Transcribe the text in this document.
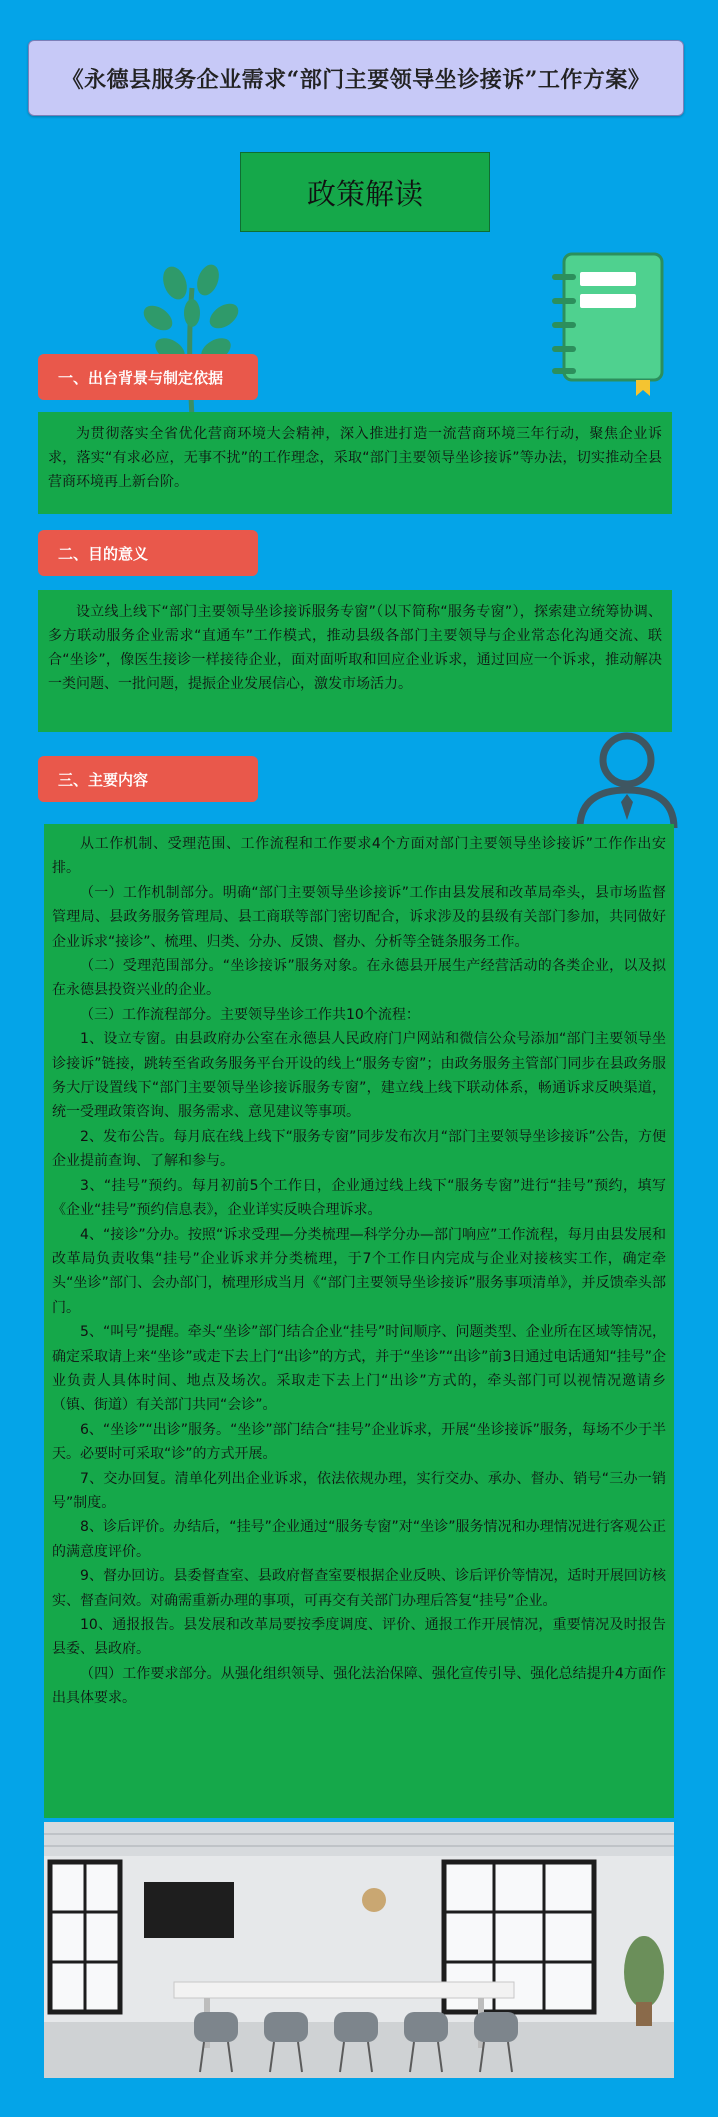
《永德县服务企业需求“部门主要领导坐诊接诉”工作方案》
政策解读
一、出台背景与制定依据

为贯彻落实全省优化营商环境大会精神，深入推进打造一流营商环境三年行动，聚焦企业诉求，落实“有求必应，无事不扰”的工作理念，采取“部门主要领导坐诊接诉”等办法，切实推动全县营商环境再上新台阶。

二、目的意义

设立线上线下“部门主要领导坐诊接诉服务专窗”（以下简称“服务专窗”），探索建立统筹协调、多方联动服务企业需求“直通车”工作模式，推动县级各部门主要领导与企业常态化沟通交流、联合“坐诊”，像医生接诊一样接待企业，面对面听取和回应企业诉求，通过回应一个诉求，推动解决一类问题、一批问题，提振企业发展信心，激发市场活力。

三、主要内容

从工作机制、受理范围、工作流程和工作要求4个方面对部门主要领导坐诊接诉”工作作出安排。

（一）工作机制部分。明确“部门主要领导坐诊接诉”工作由县发展和改革局牵头，县市场监督管理局、县政务服务管理局、县工商联等部门密切配合，诉求涉及的县级有关部门参加，共同做好企业诉求“接诊”、梳理、归类、分办、反馈、督办、分析等全链条服务工作。

（二）受理范围部分。“坐诊接诉”服务对象。在永德县开展生产经营活动的各类企业，以及拟在永德县投资兴业的企业。

（三）工作流程部分。主要领导坐诊工作共10个流程：

1、设立专窗。由县政府办公室在永德县人民政府门户网站和微信公众号添加“部门主要领导坐诊接诉”链接，跳转至省政务服务平台开设的线上“服务专窗”；由政务服务主管部门同步在县政务服务大厅设置线下“部门主要领导坐诊接诉服务专窗”，建立线上线下联动体系，畅通诉求反映渠道，统一受理政策咨询、服务需求、意见建议等事项。

2、发布公告。每月底在线上线下“服务专窗”同步发布次月“部门主要领导坐诊接诉”公告，方便企业提前查询、了解和参与。

3、“挂号”预约。每月初前5个工作日，企业通过线上线下“服务专窗”进行“挂号”预约，填写《企业“挂号”预约信息表》，企业详实反映合理诉求。

4、“接诊”分办。按照“诉求受理—分类梳理—科学分办—部门响应”工作流程，每月由县发展和改革局负责收集“挂号”企业诉求并分类梳理，于7个工作日内完成与企业对接核实工作，确定牵头“坐诊”部门、会办部门，梳理形成当月《“部门主要领导坐诊接诉”服务事项清单》，并反馈牵头部门。

5、“叫号”提醒。牵头“坐诊”部门结合企业“挂号”时间顺序、问题类型、企业所在区域等情况，确定采取请上来“坐诊”或走下去上门“出诊”的方式，并于“坐诊”“出诊”前3日通过电话通知“挂号”企业负责人具体时间、地点及场次。采取走下去上门“出诊”方式的，牵头部门可以视情况邀请乡（镇、街道）有关部门共同“会诊”。

6、“坐诊”“出诊”服务。“坐诊”部门结合“挂号”企业诉求，开展“坐诊接诉”服务，每场不少于半天。必要时可采取“诊”的方式开展。

7、交办回复。清单化列出企业诉求，依法依规办理，实行交办、承办、督办、销号“三办一销号”制度。

8、诊后评价。办结后，“挂号”企业通过“服务专窗”对“坐诊”服务情况和办理情况进行客观公正的满意度评价。

9、督办回访。县委督查室、县政府督查室要根据企业反映、诊后评价等情况，适时开展回访核实、督查问效。对确需重新办理的事项，可再交有关部门办理后答复“挂号”企业。

10、通报报告。县发展和改革局要按季度调度、评价、通报工作开展情况，重要情况及时报告县委、县政府。

（四）工作要求部分。从强化组织领导、强化法治保障、强化宣传引导、强化总结提升4方面作出具体要求。
